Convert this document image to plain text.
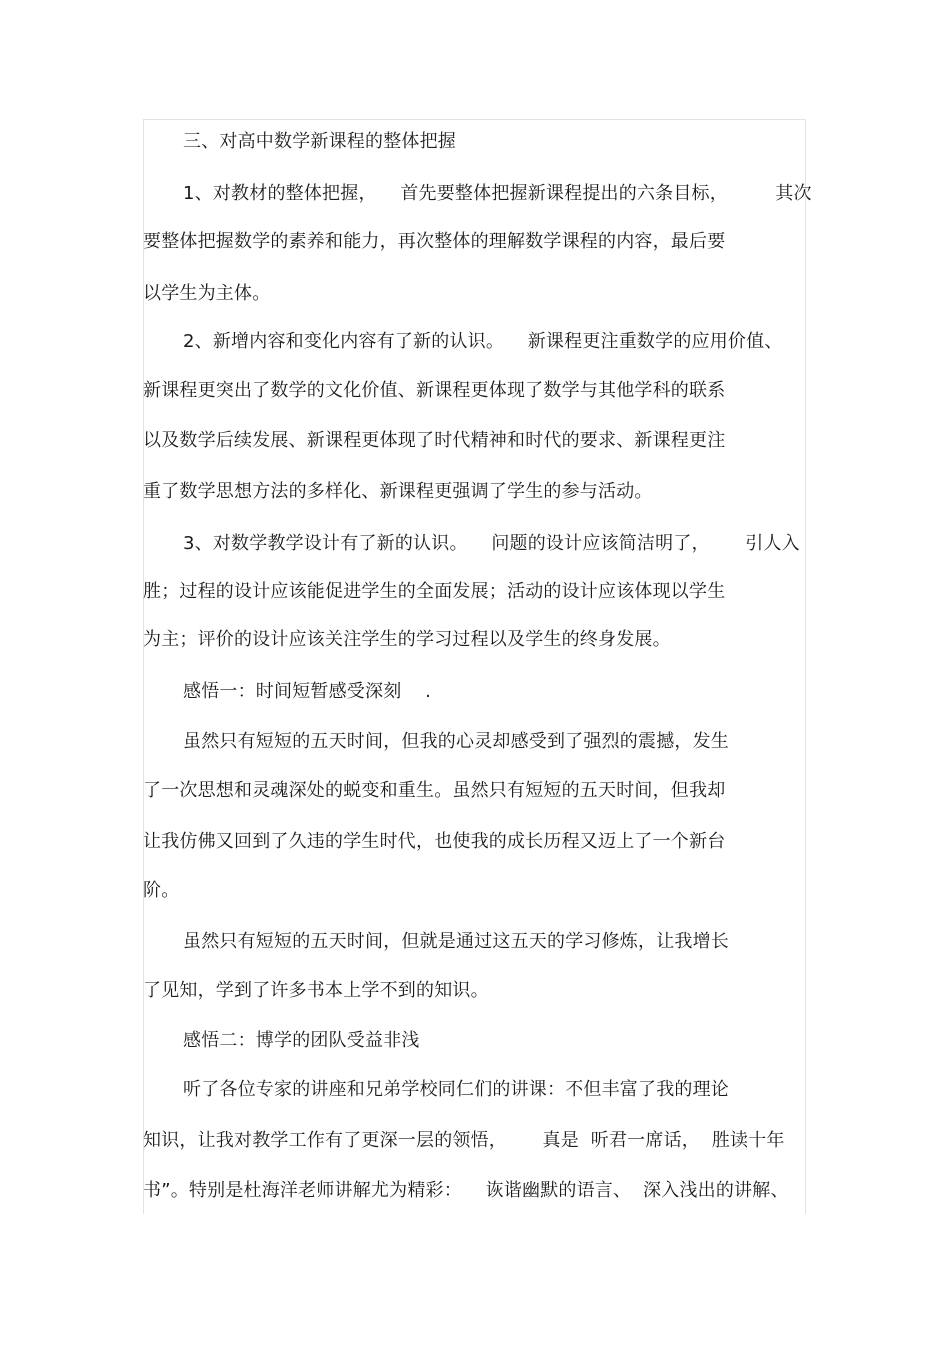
三、对高中数学新课程的整体把握

1、对教材的整体把握，    首先要整体把握新课程提出的六条目标，        其次

要整体把握数学的素养和能力，再次整体的理解数学课程的内容，最后要

以学生为主体。

2、新增内容和变化内容有了新的认识。    新课程更注重数学的应用价值、

新课程更突出了数学的文化价值、新课程更体现了数学与其他学科的联系

以及数学后续发展、新课程更体现了时代精神和时代的要求、新课程更注

重了数学思想方法的多样化、新课程更强调了学生的参与活动。

3、对数学教学设计有了新的认识。    问题的设计应该简洁明了，      引人入

胜；过程的设计应该能促进学生的全面发展；活动的设计应该体现以学生

为主；评价的设计应该关注学生的学习过程以及学生的终身发展。

感悟一：时间短暂感受深刻    .

虽然只有短短的五天时间，但我的心灵却感受到了强烈的震撼，发生

了一次思想和灵魂深处的蜕变和重生。虽然只有短短的五天时间，但我却

让我仿佛又回到了久违的学生时代，也使我的成长历程又迈上了一个新台

阶。

虽然只有短短的五天时间，但就是通过这五天的学习修炼，让我增长

了见知，学到了许多书本上学不到的知识。

感悟二：博学的团队受益非浅

听了各位专家的讲座和兄弟学校同仁们的讲课：不但丰富了我的理论

知识，让我对教学工作有了更深一层的领悟，      真是  听君一席话，  胜读十年

书”。特别是杜海洋老师讲解尤为精彩：    诙谐幽默的语言、  深入浅出的讲解、
